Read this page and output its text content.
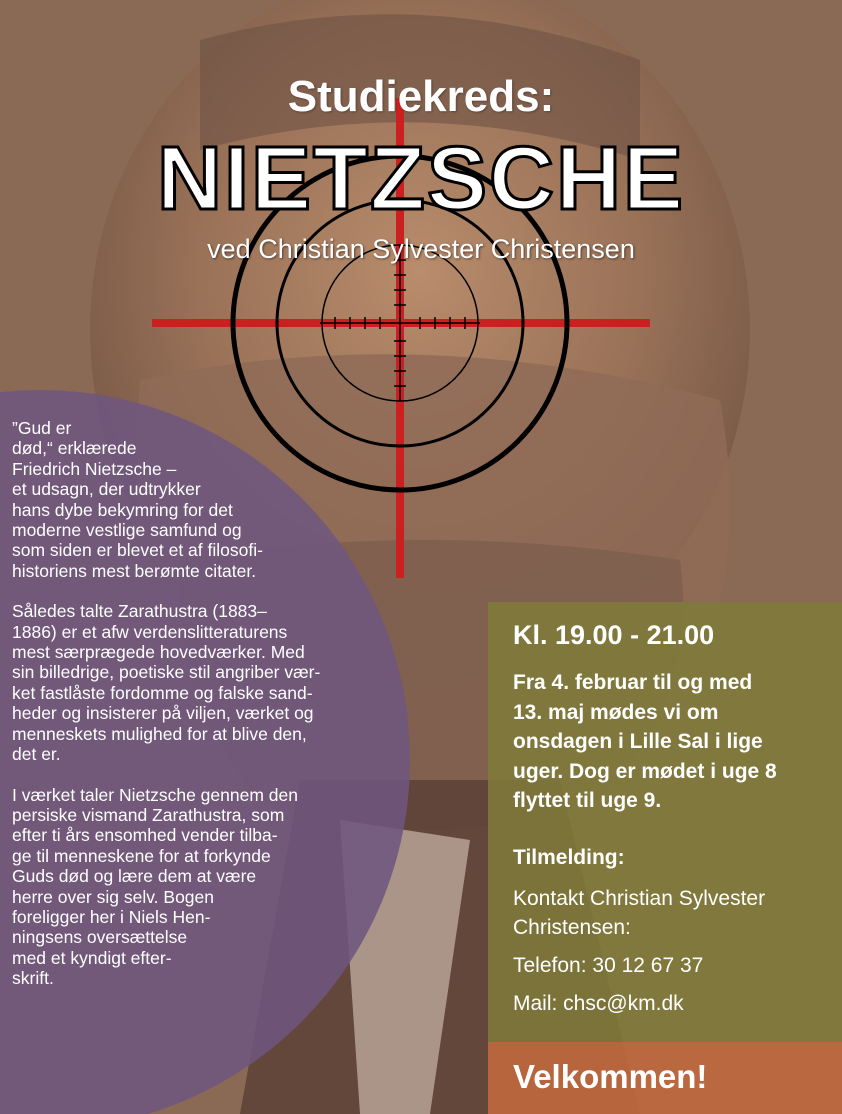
Studiekreds:
NIETZSCHE
ved Christian Sylvester Christensen

”Gud er
død,“ erklærede
Friedrich Nietzsche –
et udsagn, der udtrykker
hans dybe bekymring for det
moderne vestlige samfund og
som siden er blevet et af filosofi-
historiens mest berømte citater.

Således talte Zarathustra (1883–
1886) er et afw verdenslitteraturens
mest særprægede hovedværker. Med
sin billedrige, poetiske stil angriber vær-
ket fastlåste fordomme og falske sand-
heder og insisterer på viljen, værket og
menneskets mulighed for at blive den,
det er.

I værket taler Nietzsche gennem den
persiske vismand Zarathustra, som
efter ti års ensomhed vender tilba-
ge til menneskene for at forkynde
Guds død og lære dem at være
herre over sig selv. Bogen
foreligger her i Niels Hen-
ningsens oversættelse
med et kyndigt efter-
skrift.

Kl. 19.00 - 21.00
Fra 4. februar til og med
13. maj mødes vi om
onsdagen i Lille Sal i lige
uger. Dog er mødet i uge 8
flyttet til uge 9.
Tilmelding:
Kontakt Christian Sylvester
Christensen:
Telefon: 30 12 67 37
Mail: chsc@km.dk
Velkommen!
